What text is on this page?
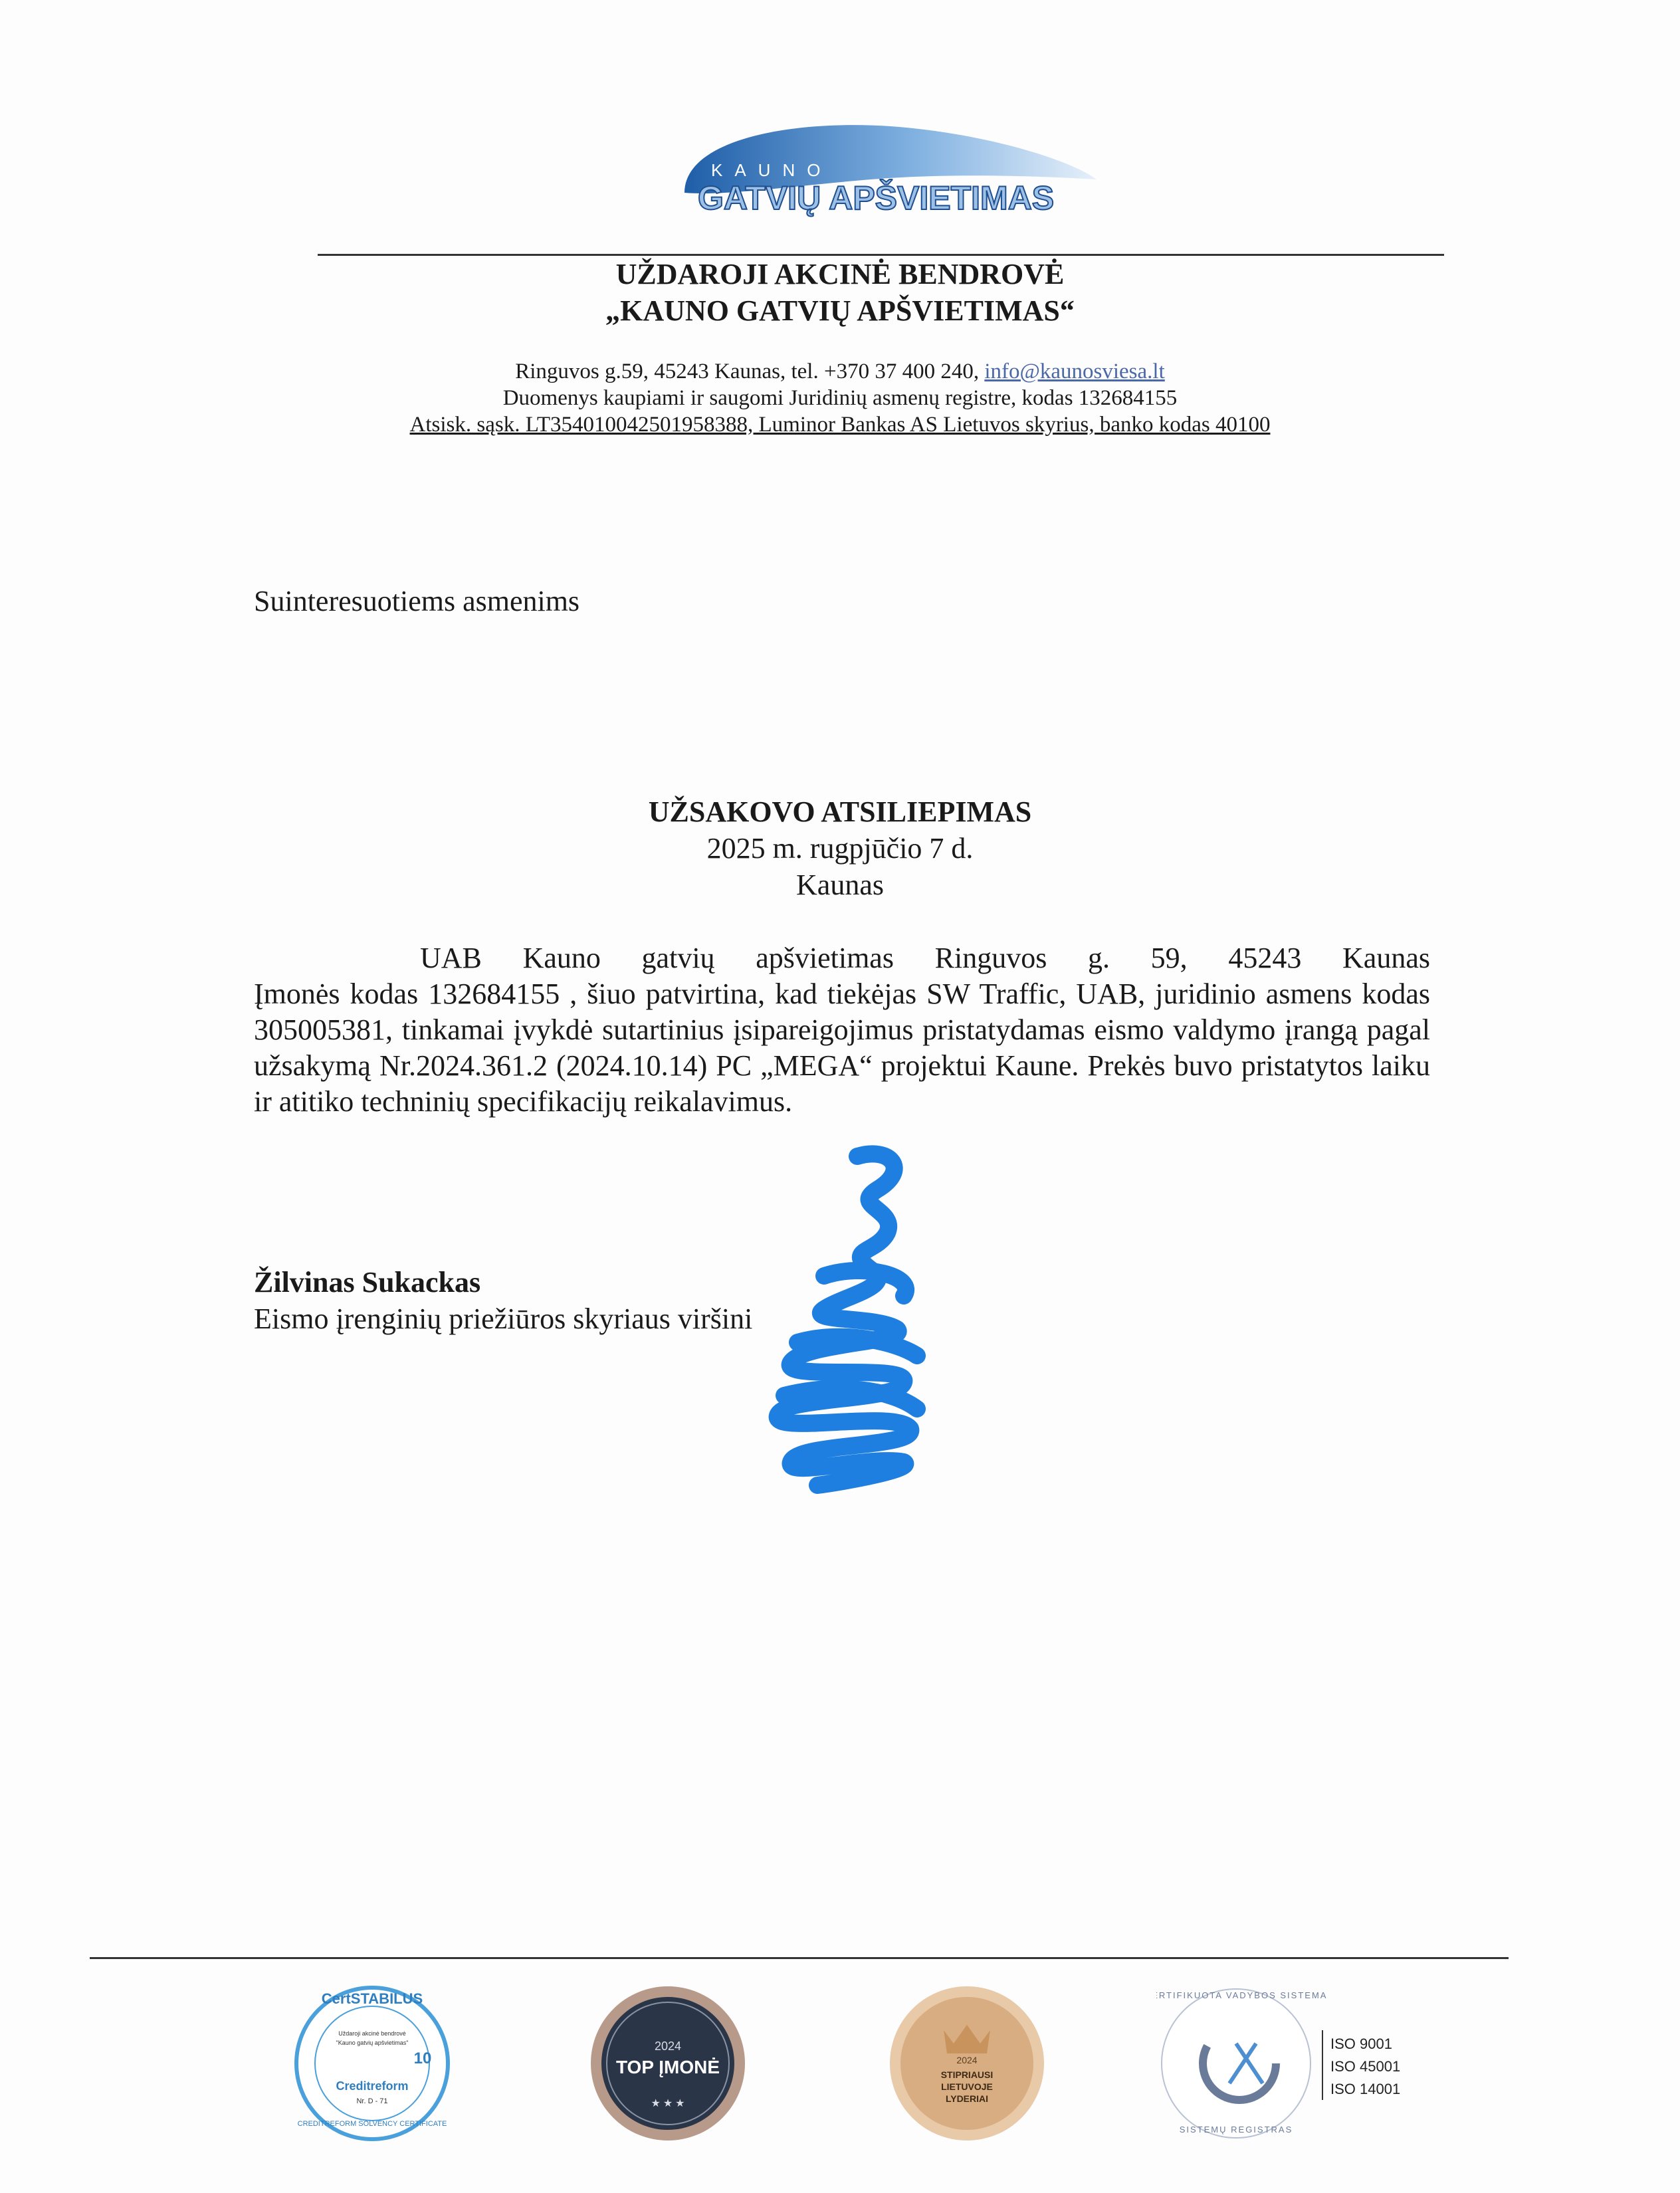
KAUNO
GATVIŲ APŠVIETIMAS
UŽDAROJI AKCINĖ BENDROVĖ
„KAUNO GATVIŲ APŠVIETIMAS“
Ringuvos g.59, 45243 Kaunas, tel. +370 37 400 240, info@kaunosviesa.lt
Duomenys kaupiami ir saugomi Juridinių asmenų registre, kodas 132684155
Atsisk. sąsk. LT354010042501958388, Luminor Bankas AS Lietuvos skyrius, banko kodas 40100
Suinteresuotiems asmenims
UŽSAKOVO ATSILIEPIMAS
2025 m. rugpjūčio 7 d.
Kaunas
UAB Kauno gatvių apšvietimas Ringuvos g. 59, 45243 Kaunas
Įmonės kodas 132684155 , šiuo patvirtina, kad tiekėjas SW Traffic, UAB, juridinio asmens kodas
305005381, tinkamai įvykdė sutartinius įsipareigojimus pristatydamas eismo valdymo įrangą pagal
užsakymą Nr.2024.361.2 (2024.10.14) PC „MEGA“ projektui Kaune. Prekės buvo pristatytos laiku
ir atitiko techninių specifikacijų reikalavimus.
Žilvinas Sukackas
Eismo įrenginių priežiūros skyriaus viršini
CertSTABILUS
Uždaroji akcinė bendrovė
"Kauno gatvių apšvietimas"
10
Creditreform
Nr. D - 71
CREDITREFORM SOLVENCY CERTIFICATE
2024
TOP ĮMONĖ
★ ★ ★
2024
STIPRIAUSI
LIETUVOJE
LYDERIAI
SERTIFIKUOTA VADYBOS SISTEMA
SISTEMŲ REGISTRAS
ISO 9001
ISO 45001
ISO 14001
